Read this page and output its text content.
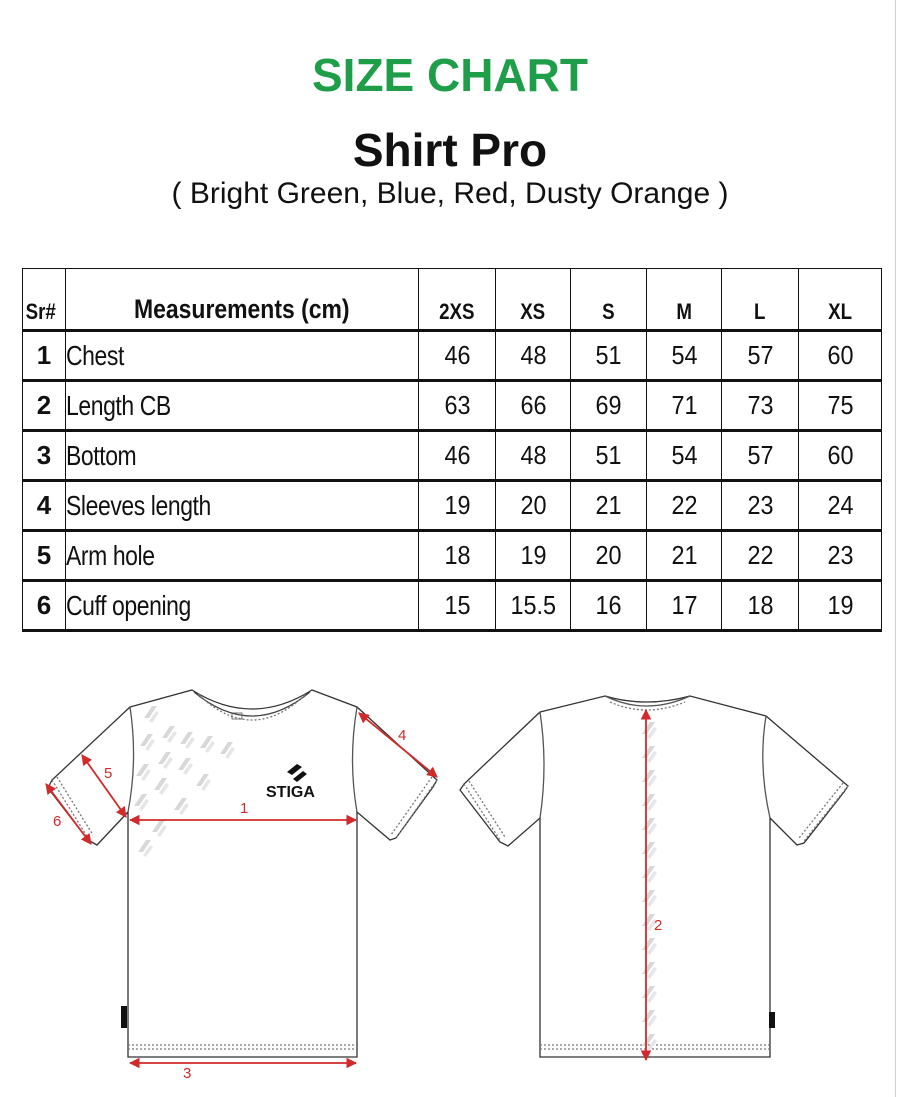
SIZE CHART
Shirt Pro

( Bright Green, Blue, Red, Dusty Orange )

Sr#	Measurements (cm)	2XS	XS	S	M	L	XL
1	Chest	46	48	51	54	57	60
2	Length CB	63	66	69	71	73	75
3	Bottom	46	48	51	54	57	60
4	Sleeves length	19	20	21	22	23	24
5	Arm hole	18	19	20	21	22	23
6	Cuff opening	15	15.5	16	17	18	19
STIGA
1
3
4
5
6
2
